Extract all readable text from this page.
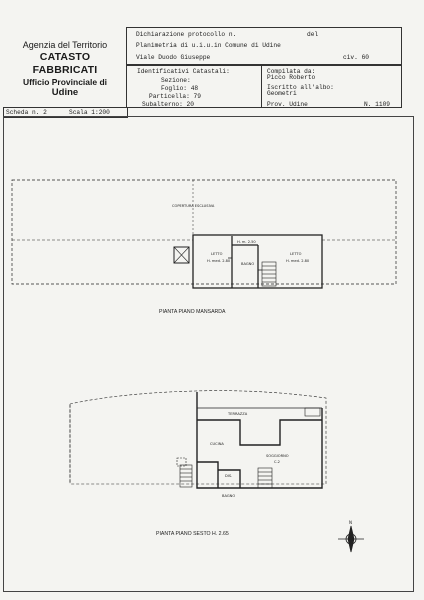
Agenzia del Territorio
CATASTO FABBRICATI
Ufficio Provinciale di
Udine
Dichiarazione protocollo n.	del
Planimetria di u.i.u.in Comune di Udine
Viale Duodo Giuseppe	civ. 60
Identificativi Catastali:
Sezione:
Foglio: 48
Particella: 79
Subalterno: 20
Compilata da:
Picco Roberto
Iscritto all'albo:
Geometri
Prov. Udine	N. 1109
Scheda n. 2	Scala 1:200
COPERTURA ESCLUSIVA
LETTO
H. med. 2.80
H. m. 2.50
BAGNO
LETTO
H. med. 2.80
PIANTA PIANO MANSARDA
TERRAZZA
CUCINA
SOGGIORNO
C.2
DIS.
BAGNO
PIANTA PIANO SESTO H. 2.65
N
